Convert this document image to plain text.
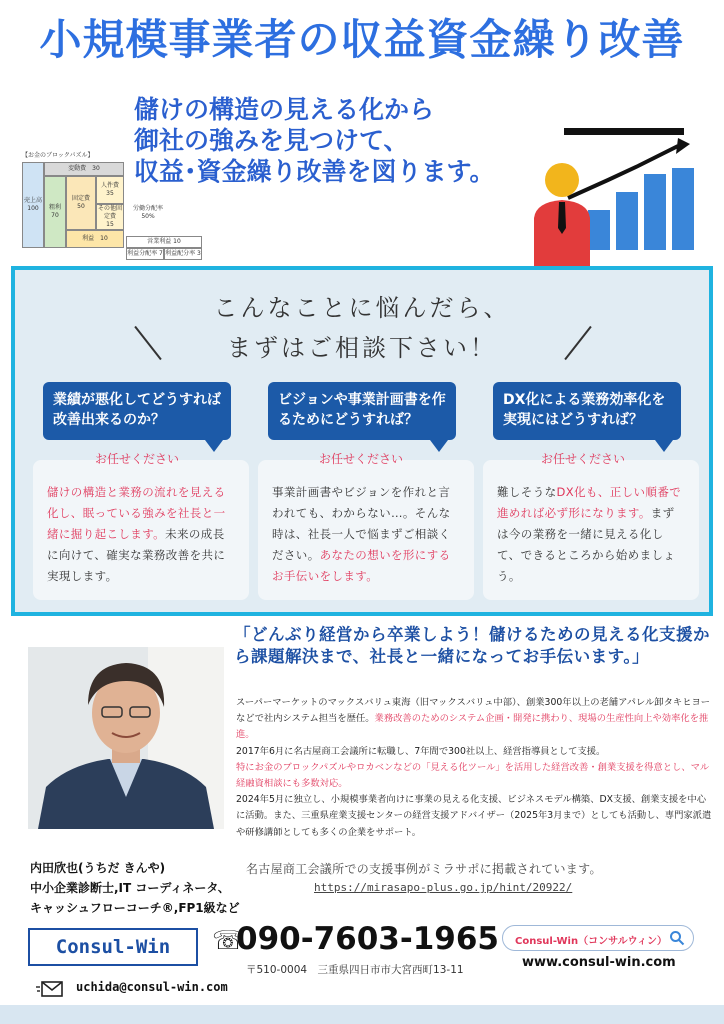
小規模事業者の収益資金繰り改善
儲けの構造の見える化から
御社の強みを見つけて、
収益･資金繰り改善を図ります。
【お金のブロックパズル】
売上高
100
変動費　30
粗利
70
固定費
50
人件費
35
その他固定費
15
利益　10
労働分配率50%
営業利益 10
利益分配率 7 利益配分率 3
こんなことに悩んだら、
まずはご相談下さい！
業績が悪化してどうすれば改善出来るのか？
儲けの構造と業務の流れを見える化し、眠っている強みを社長と一緒に掘り起こします。未来の成長に向けて、確実な業務改善を共に実現します。
お任せください
ビジョンや事業計画書を作るためにどうすれば？
事業計画書やビジョンを作れと言われても、わからない…。そんな時は、社長一人で悩まずご相談ください。あなたの想いを形にするお手伝いをします。
お任せください
DX化による業務効率化を実現にはどうすれば？
難しそうなDX化も、正しい順番で進めれば必ず形になります。まずは今の業務を一緒に見える化して、できるところから始めましょう。
お任せください
「どんぶり経営から卒業しよう！儲けるための見える化支援から課題解決まで、社長と一緒になってお手伝います。」

スーパーマーケットのマックスバリュ東海（旧マックスバリュ中部）、創業300年以上の老舗アパレル卸タキヒヨーなどで社内システム担当を歴任。業務改善のためのシステム企画・開発に携わり、現場の生産性向上や効率化を推進。

2017年6月に名古屋商工会議所に転職し、7年間で300社以上、経営指導員として支援。

特にお金のブロックパズルやロカベンなどの「見える化ツール」を活用した経営改善・創業支援を得意とし、マル経融資相談にも多数対応。

2024年5月に独立し、小規模事業者向けに事業の見える化支援、ビジネスモデル構築、DX支援、創業支援を中心に活動。また、三重県産業支援センターの経営支援アドバイザー（2025年3月まで）としても活動し、専門家派遣や研修講師としても多くの企業をサポート。

内田欣也(うちだ きんや)
中小企業診断士,IT コーディネータ、
キャッシュフローコーチ®,FP1級など
名古屋商工会議所での支援事例がミラサポに掲載されています。
https://mirasapo-plus.go.jp/hint/20922/
Consul-Win	☏090-7603-1965
〒510-0004　三重県四日市市大宮西町13-11
Consul-Win（コンサルウィン）
www.consul-win.com
uchida@consul-win.com
